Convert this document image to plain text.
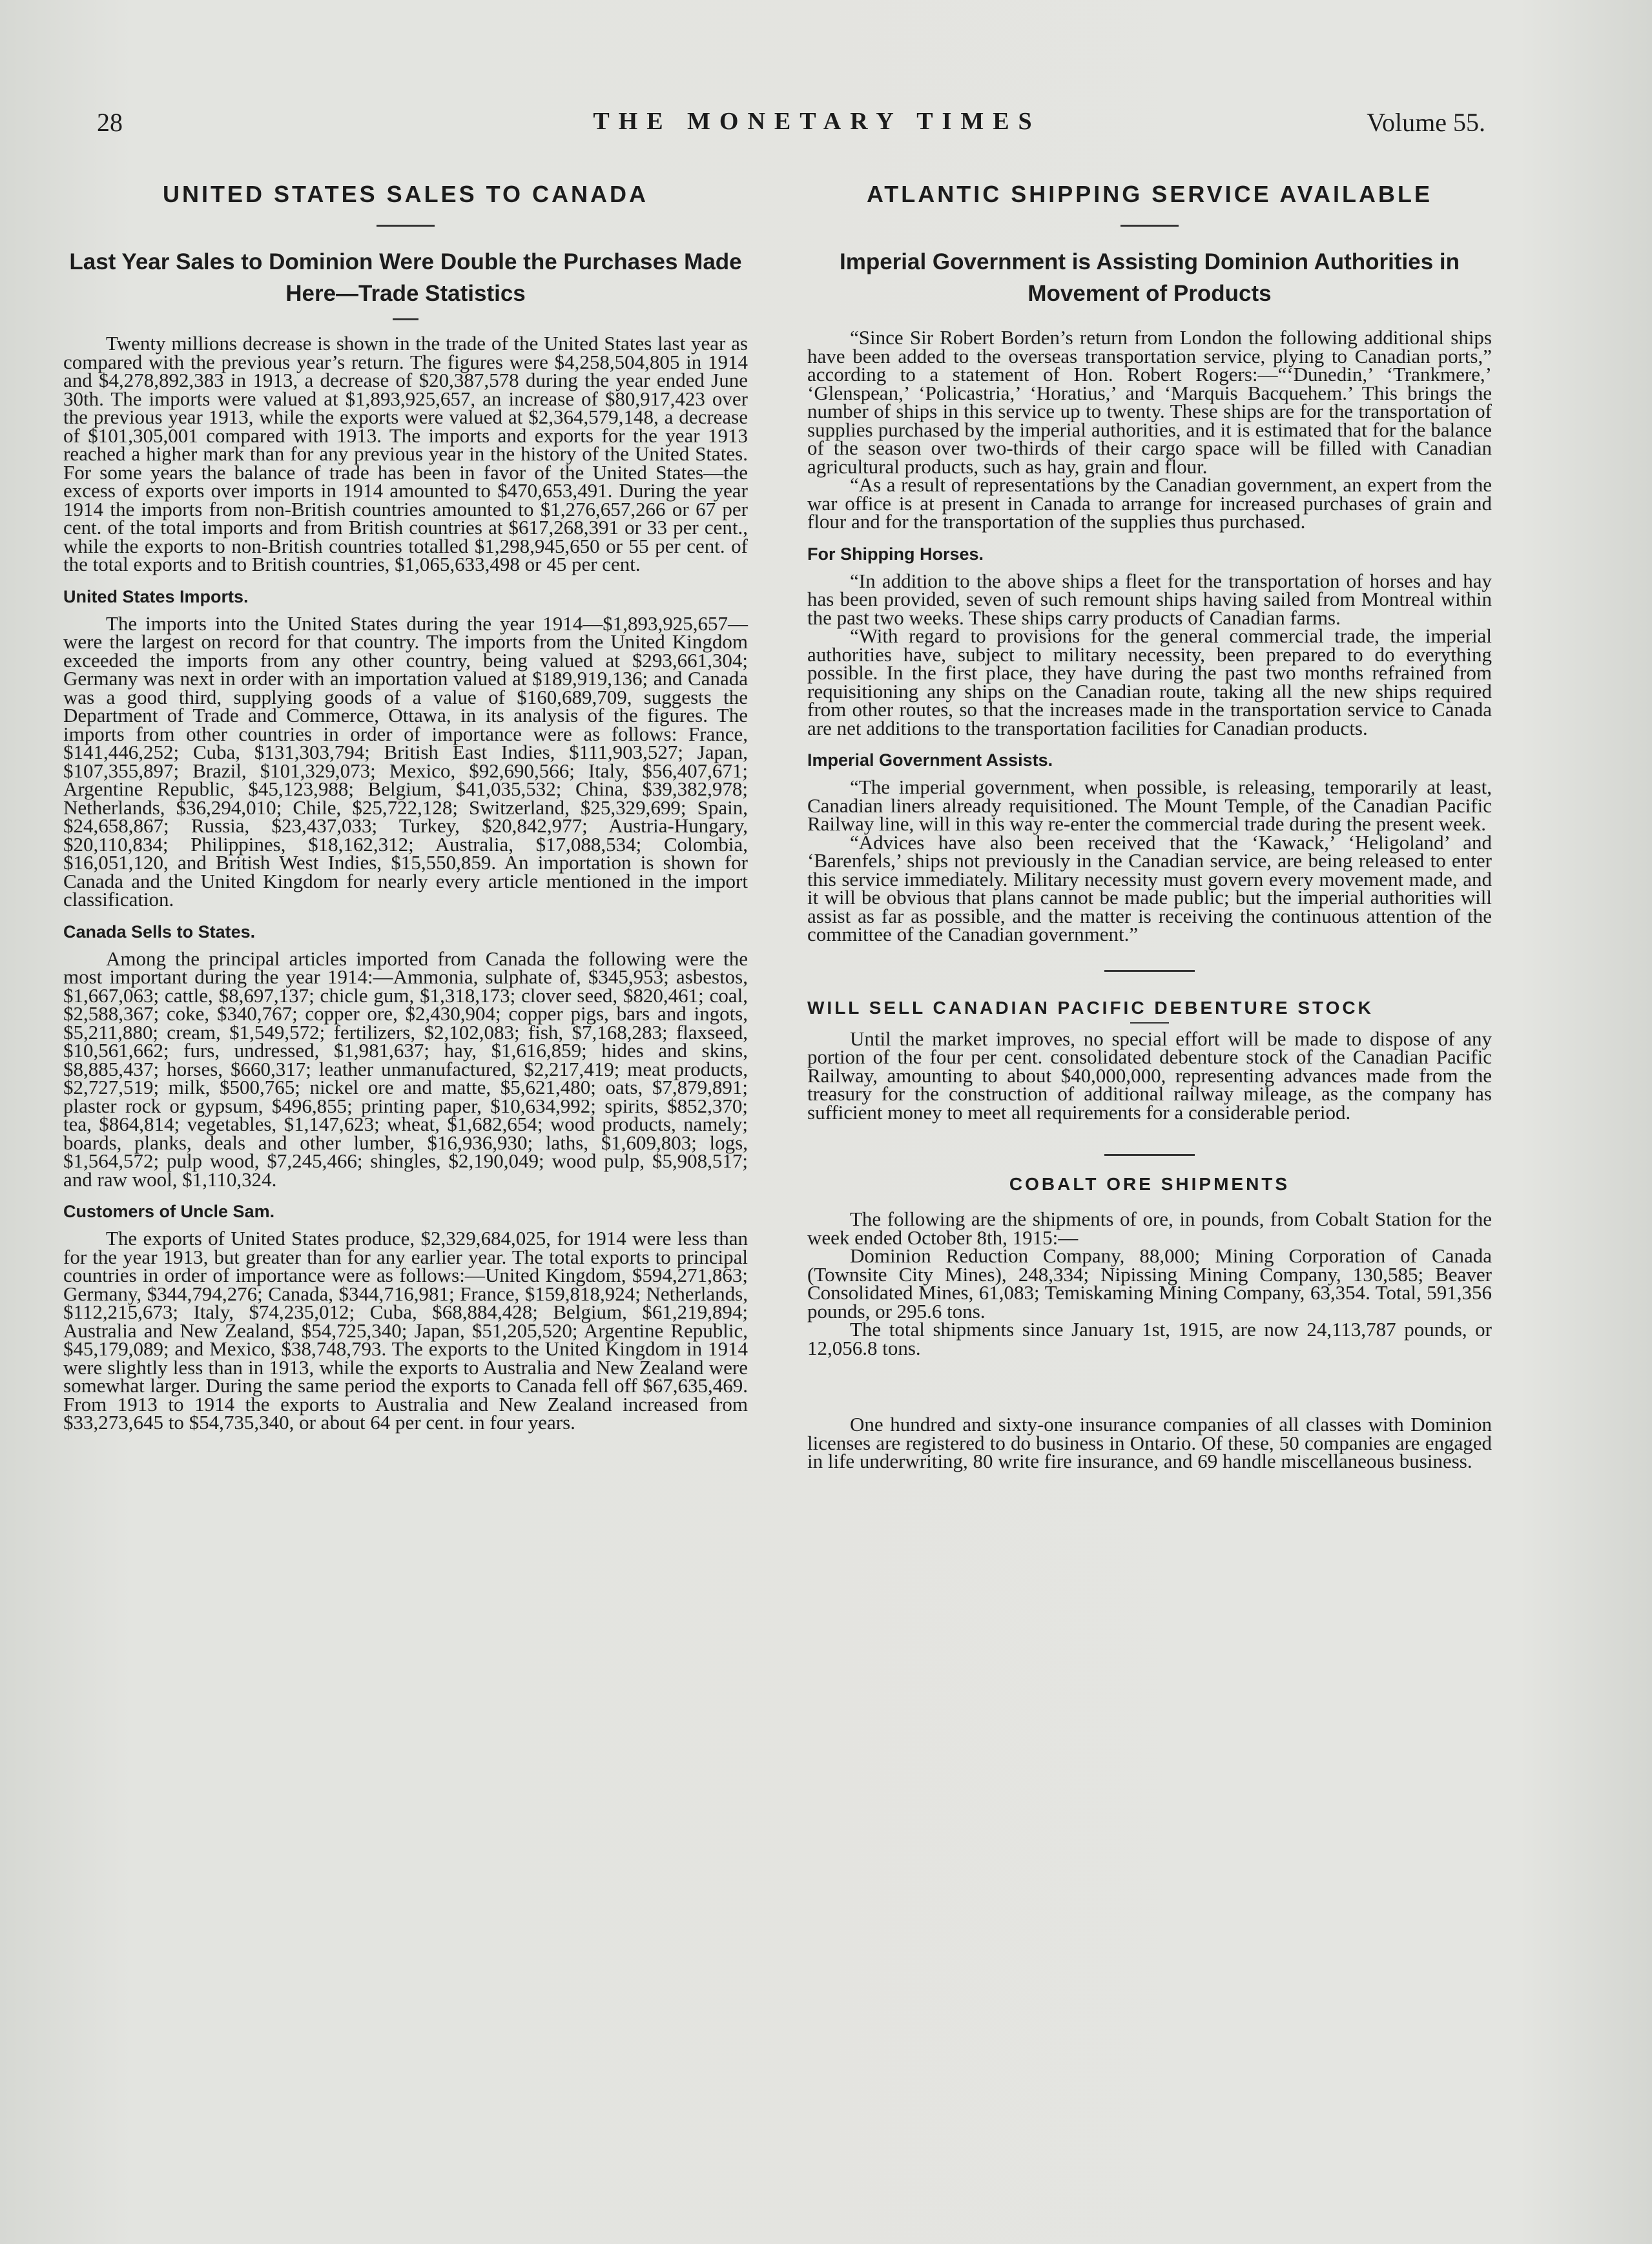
28	THE MONETARY TIMES	Volume 55.
UNITED STATES SALES TO CANADA
Last Year Sales to Dominion Were Double the Purchases Made Here—Trade Statistics

Twenty millions decrease is shown in the trade of the United States last year as compared with the previous year’s return. The figures were $4,258,504,805 in 1914 and $4,278,892,383 in 1913, a decrease of $20,387,578 during the year ended June 30th. The imports were valued at $1,893,925,657, an increase of $80,917,423 over the previous year 1913, while the exports were valued at $2,364,579,148, a decrease of $101,305,001 compared with 1913. The imports and exports for the year 1913 reached a higher mark than for any previous year in the history of the United States. For some years the balance of trade has been in favor of the United States—the excess of exports over imports in 1914 amounted to $470,653,491. During the year 1914 the imports from non-British countries amounted to $1,276,657,266 or 67 per cent. of the total imports and from British countries at $617,268,391 or 33 per cent., while the exports to non-British countries totalled $1,298,945,650 or 55 per cent. of the total exports and to British countries, $1,065,633,498 or 45 per cent.

United States Imports.

The imports into the United States during the year 1914—$1,893,925,657—were the largest on record for that country. The imports from the United Kingdom exceeded the imports from any other country, being valued at $293,661,304; Germany was next in order with an importation valued at $189,919,136; and Canada was a good third, supplying goods of a value of $160,689,709, suggests the Department of Trade and Commerce, Ottawa, in its analysis of the figures. The imports from other countries in order of importance were as follows: France, $141,446,252; Cuba, $131,303,794; British East Indies, $111,903,527; Japan, $107,355,897; Brazil, $101,329,073; Mexico, $92,690,566; Italy, $56,407,671; Argentine Republic, $45,123,988; Belgium, $41,035,532; China, $39,382,978; Netherlands, $36,294,010; Chile, $25,722,128; Switzerland, $25,329,699; Spain, $24,658,867; Russia, $23,437,033; Turkey, $20,842,977; Austria-Hungary, $20,110,834; Philippines, $18,162,312; Australia, $17,088,534; Colombia, $16,051,120, and British West Indies, $15,550,859. An importation is shown for Canada and the United Kingdom for nearly every article mentioned in the import classification.

Canada Sells to States.

Among the principal articles imported from Canada the following were the most important during the year 1914:—Ammonia, sulphate of, $345,953; asbestos, $1,667,063; cattle, $8,697,137; chicle gum, $1,318,173; clover seed, $820,461; coal, $2,588,367; coke, $340,767; copper ore, $2,430,904; copper pigs, bars and ingots, $5,211,880; cream, $1,549,572; fertilizers, $2,102,083; fish, $7,168,283; flaxseed, $10,561,662; furs, undressed, $1,981,637; hay, $1,616,859; hides and skins, $8,885,437; horses, $660,317; leather unmanufactured, $2,217,419; meat products, $2,727,519; milk, $500,765; nickel ore and matte, $5,621,480; oats, $7,879,891; plaster rock or gypsum, $496,855; printing paper, $10,634,992; spirits, $852,370; tea, $864,814; vegetables, $1,147,623; wheat, $1,682,654; wood products, namely; boards, planks, deals and other lumber, $16,936,930; laths, $1,609,803; logs, $1,564,572; pulp wood, $7,245,466; shingles, $2,190,049; wood pulp, $5,908,517; and raw wool, $1,110,324.

Customers of Uncle Sam.

The exports of United States produce, $2,329,684,025, for 1914 were less than for the year 1913, but greater than for any earlier year. The total exports to principal countries in order of importance were as follows:—United Kingdom, $594,271,863; Germany, $344,794,276; Canada, $344,716,981; France, $159,818,924; Netherlands, $112,215,673; Italy, $74,235,012; Cuba, $68,884,428; Belgium, $61,219,894; Australia and New Zealand, $54,725,340; Japan, $51,205,520; Argentine Republic, $45,179,089; and Mexico, $38,748,793. The exports to the United Kingdom in 1914 were slightly less than in 1913, while the exports to Australia and New Zealand were somewhat larger. During the same period the exports to Canada fell off $67,635,469. From 1913 to 1914 the exports to Australia and New Zealand increased from $33,273,645 to $54,735,340, or about 64 per cent. in four years.

ATLANTIC SHIPPING SERVICE AVAILABLE
Imperial Government is Assisting Dominion Authorities in Movement of Products

“Since Sir Robert Borden’s return from London the following additional ships have been added to the overseas transportation service, plying to Canadian ports,” according to a statement of Hon. Robert Rogers:—“‘Dunedin,’ ‘Trankmere,’ ‘Glenspean,’ ‘Policastria,’ ‘Horatius,’ and ‘Marquis Bacquehem.’ This brings the number of ships in this service up to twenty. These ships are for the transportation of supplies purchased by the imperial authorities, and it is estimated that for the balance of the season over two-thirds of their cargo space will be filled with Canadian agricultural products, such as hay, grain and flour.

“As a result of representations by the Canadian government, an expert from the war office is at present in Canada to arrange for increased purchases of grain and flour and for the transportation of the supplies thus purchased.

For Shipping Horses.

“In addition to the above ships a fleet for the transportation of horses and hay has been provided, seven of such remount ships having sailed from Montreal within the past two weeks. These ships carry products of Canadian farms.

“With regard to provisions for the general commercial trade, the imperial authorities have, subject to military necessity, been prepared to do everything possible. In the first place, they have during the past two months refrained from requisitioning any ships on the Canadian route, taking all the new ships required from other routes, so that the increases made in the transportation service to Canada are net additions to the transportation facilities for Canadian products.

Imperial Government Assists.

“The imperial government, when possible, is releasing, temporarily at least, Canadian liners already requisitioned. The Mount Temple, of the Canadian Pacific Railway line, will in this way re-enter the commercial trade during the present week.

“Advices have also been received that the ‘Kawack,’ ‘Heligoland’ and ‘Barenfels,’ ships not previously in the Canadian service, are being released to enter this service immediately. Military necessity must govern every movement made, and it will be obvious that plans cannot be made public; but the imperial authorities will assist as far as possible, and the matter is receiving the continuous attention of the committee of the Canadian government.”

WILL SELL CANADIAN PACIFIC DEBENTURE STOCK

Until the market improves, no special effort will be made to dispose of any portion of the four per cent. consolidated debenture stock of the Canadian Pacific Railway, amounting to about $40,000,000, representing advances made from the treasury for the construction of additional railway mileage, as the company has sufficient money to meet all requirements for a considerable period.

COBALT ORE SHIPMENTS

The following are the shipments of ore, in pounds, from Cobalt Station for the week ended October 8th, 1915:—

Dominion Reduction Company, 88,000; Mining Corporation of Canada (Townsite City Mines), 248,334; Nipissing Mining Company, 130,585; Beaver Consolidated Mines, 61,083; Temiskaming Mining Company, 63,354. Total, 591,356 pounds, or 295.6 tons.

The total shipments since January 1st, 1915, are now 24,113,787 pounds, or 12,056.8 tons.

One hundred and sixty-one insurance companies of all classes with Dominion licenses are registered to do business in Ontario. Of these, 50 companies are engaged in life underwriting, 80 write fire insurance, and 69 handle miscellaneous business.
